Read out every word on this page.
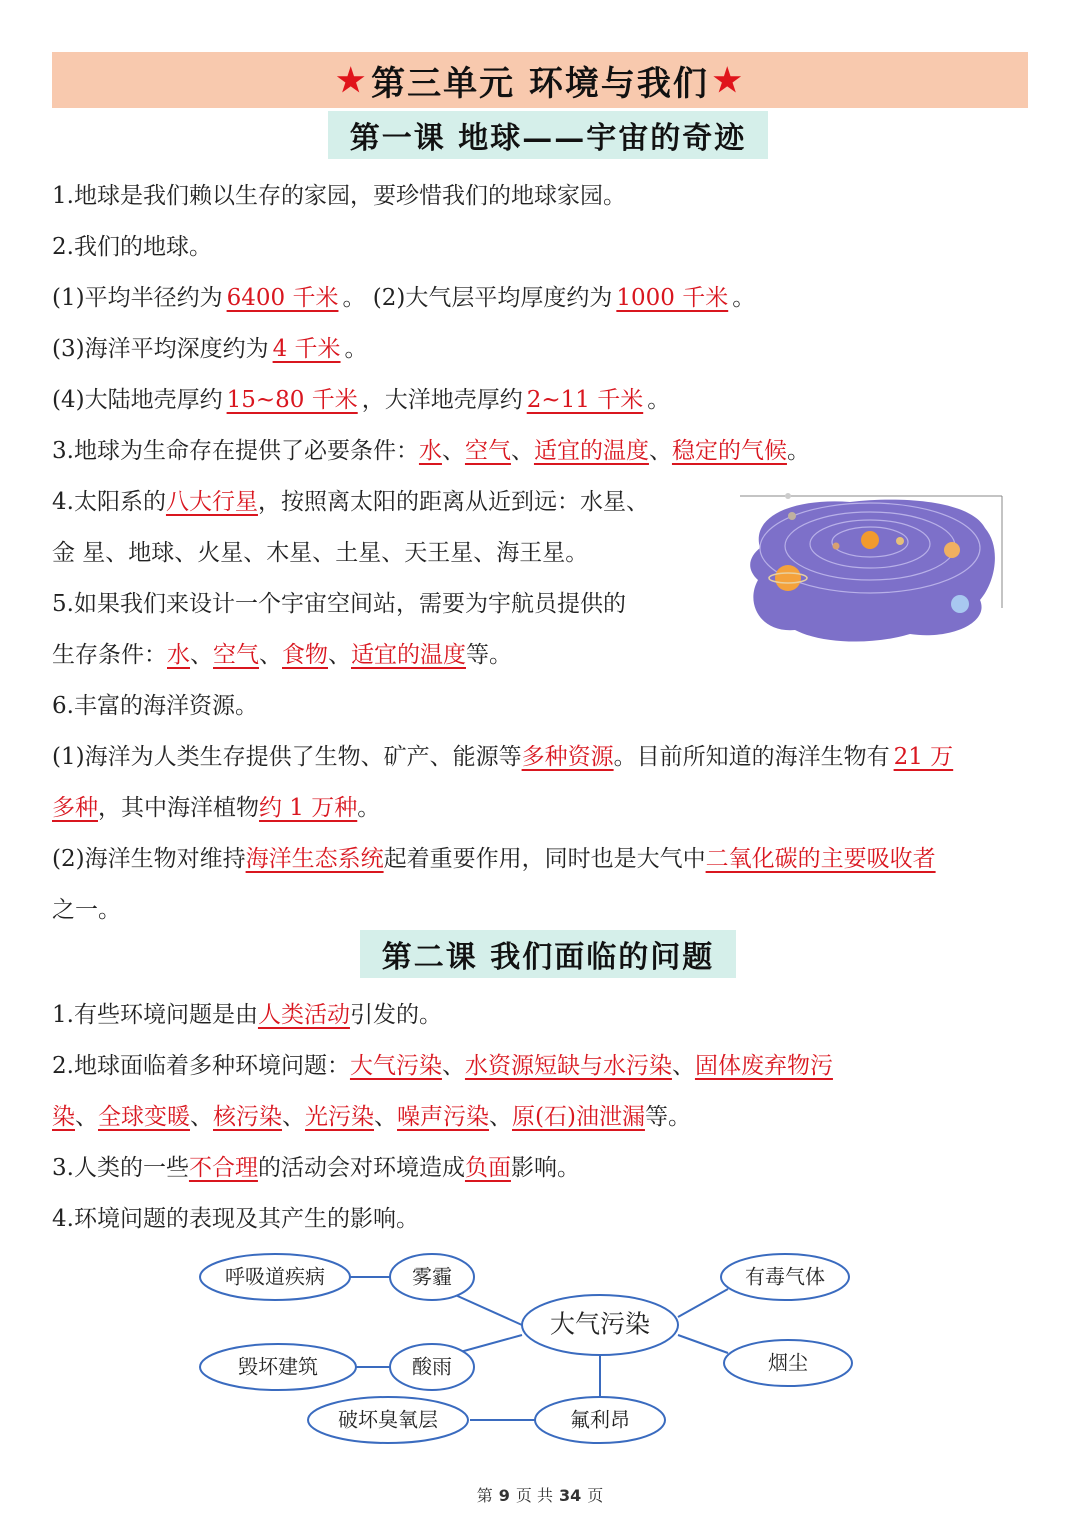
★ 第三单元 环境与我们 ★
第一课 地球——宇宙的奇迹
1.地球是我们赖以生存的家园，要珍惜我们的地球家园。
2.我们的地球。
(1)平均半径约为 6400 千米 。 (2)大气层平均厚度约为 1000 千米 。
(3)海洋平均深度约为 4 千米 。
(4)大陆地壳厚约 15~80 千米 ，大洋地壳厚约 2~11 千米 。
3.地球为生命存在提供了必要条件：水、空气、适宜的温度、稳定的气候。
4.太阳系的八大行星，按照离太阳的距离从近到远：水星、
金 星、地球、火星、木星、土星、天王星、海王星。
5.如果我们来设计一个宇宙空间站，需要为宇航员提供的
生存条件：水、空气、食物、适宜的温度等。
6.丰富的海洋资源。
(1)海洋为人类生存提供了生物、矿产、能源等多种资源。目前所知道的海洋生物有 21 万
多种，其中海洋植物约 1 万种。
(2)海洋生物对维持海洋生态系统起着重要作用，同时也是大气中二氧化碳的主要吸收者
之一。
第二课 我们面临的问题
1.有些环境问题是由人类活动引发的。
2.地球面临着多种环境问题：大气污染、水资源短缺与水污染、固体废弃物污
染、全球变暖、核污染、光污染、噪声污染、原(石)油泄漏等。
3.人类的一些不合理的活动会对环境造成负面影响。
4.环境问题的表现及其产生的影响。
呼吸道疾病	雾霾
毁坏建筑	酸雨
破坏臭氧层	氟利昂
有毒气体
烟尘
大气污染
第 9 页 共 34 页
